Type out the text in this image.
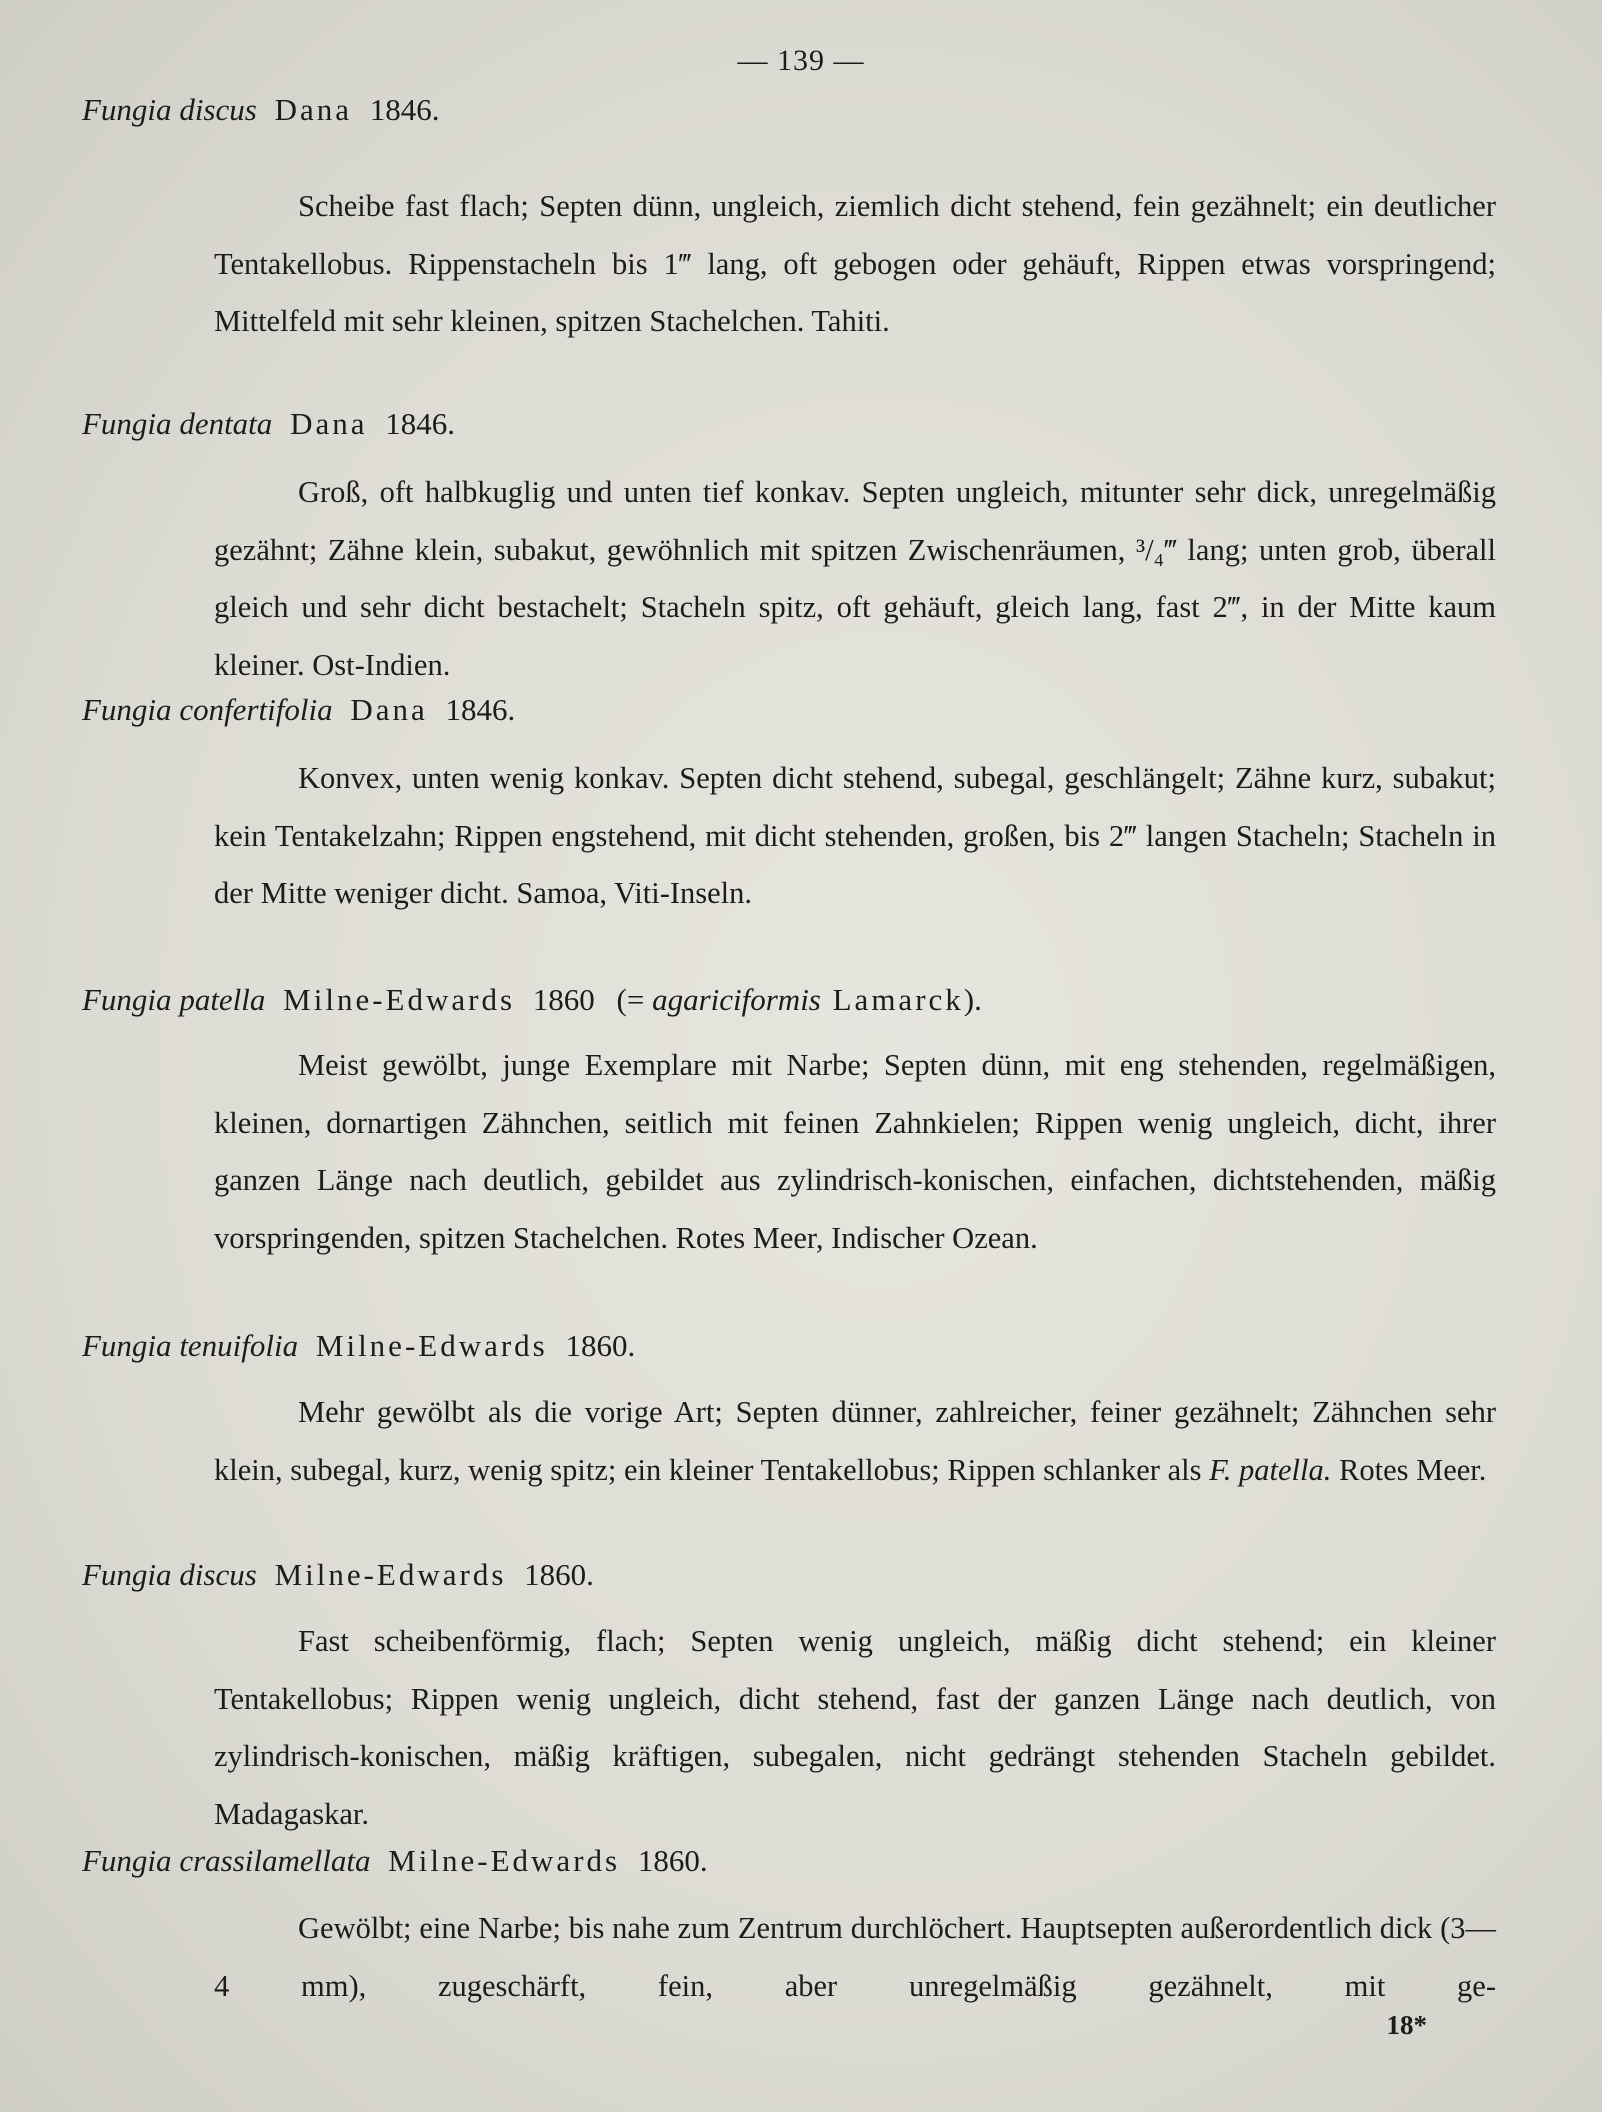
— 139 —
Fungia discus Dana 1846.
Scheibe fast flach; Septen dünn, ungleich, ziemlich dicht stehend, fein gezähnelt; ein deutlicher Tentakellobus. Rippenstacheln bis 1‴ lang, oft gebogen oder gehäuft, Rippen etwas vorspringend; Mittelfeld mit sehr kleinen, spitzen Stachelchen. Tahiti.
Fungia dentata Dana 1846.
Groß, oft halbkuglig und unten tief konkav. Septen ungleich, mitunter sehr dick, unregelmäßig gezähnt; Zähne klein, subakut, gewöhnlich mit spitzen Zwischenräumen, ³/₄‴ lang; unten grob, überall gleich und sehr dicht bestachelt; Stacheln spitz, oft gehäuft, gleich lang, fast 2‴, in der Mitte kaum kleiner. Ost-Indien.
Fungia confertifolia Dana 1846.
Konvex, unten wenig konkav. Septen dicht stehend, subegal, geschlängelt; Zähne kurz, subakut; kein Tentakelzahn; Rippen engstehend, mit dicht stehenden, großen, bis 2‴ langen Stacheln; Stacheln in der Mitte weniger dicht. Samoa, Viti-Inseln.
Fungia patella Milne-Edwards 1860 (= agariciformis Lamarck).
Meist gewölbt, junge Exemplare mit Narbe; Septen dünn, mit eng stehenden, regelmäßigen, kleinen, dornartigen Zähnchen, seitlich mit feinen Zahnkielen; Rippen wenig ungleich, dicht, ihrer ganzen Länge nach deutlich, gebildet aus zylindrisch-konischen, einfachen, dichtstehenden, mäßig vorspringenden, spitzen Stachelchen. Rotes Meer, Indischer Ozean.
Fungia tenuifolia Milne-Edwards 1860.
Mehr gewölbt als die vorige Art; Septen dünner, zahlreicher, feiner gezähnelt; Zähnchen sehr klein, subegal, kurz, wenig spitz; ein kleiner Tentakellobus; Rippen schlanker als F. patella. Rotes Meer.
Fungia discus Milne-Edwards 1860.
Fast scheibenförmig, flach; Septen wenig ungleich, mäßig dicht stehend; ein kleiner Tentakellobus; Rippen wenig ungleich, dicht stehend, fast der ganzen Länge nach deutlich, von zylindrisch-konischen, mäßig kräftigen, subegalen, nicht gedrängt stehenden Stacheln gebildet. Madagaskar.
Fungia crassilamellata Milne-Edwards 1860.
Gewölbt; eine Narbe; bis nahe zum Zentrum durchlöchert. Hauptsepten außerordentlich dick (3—4 mm), zugeschärft, fein, aber unregelmäßig gezähnelt, mit ge-
18*
